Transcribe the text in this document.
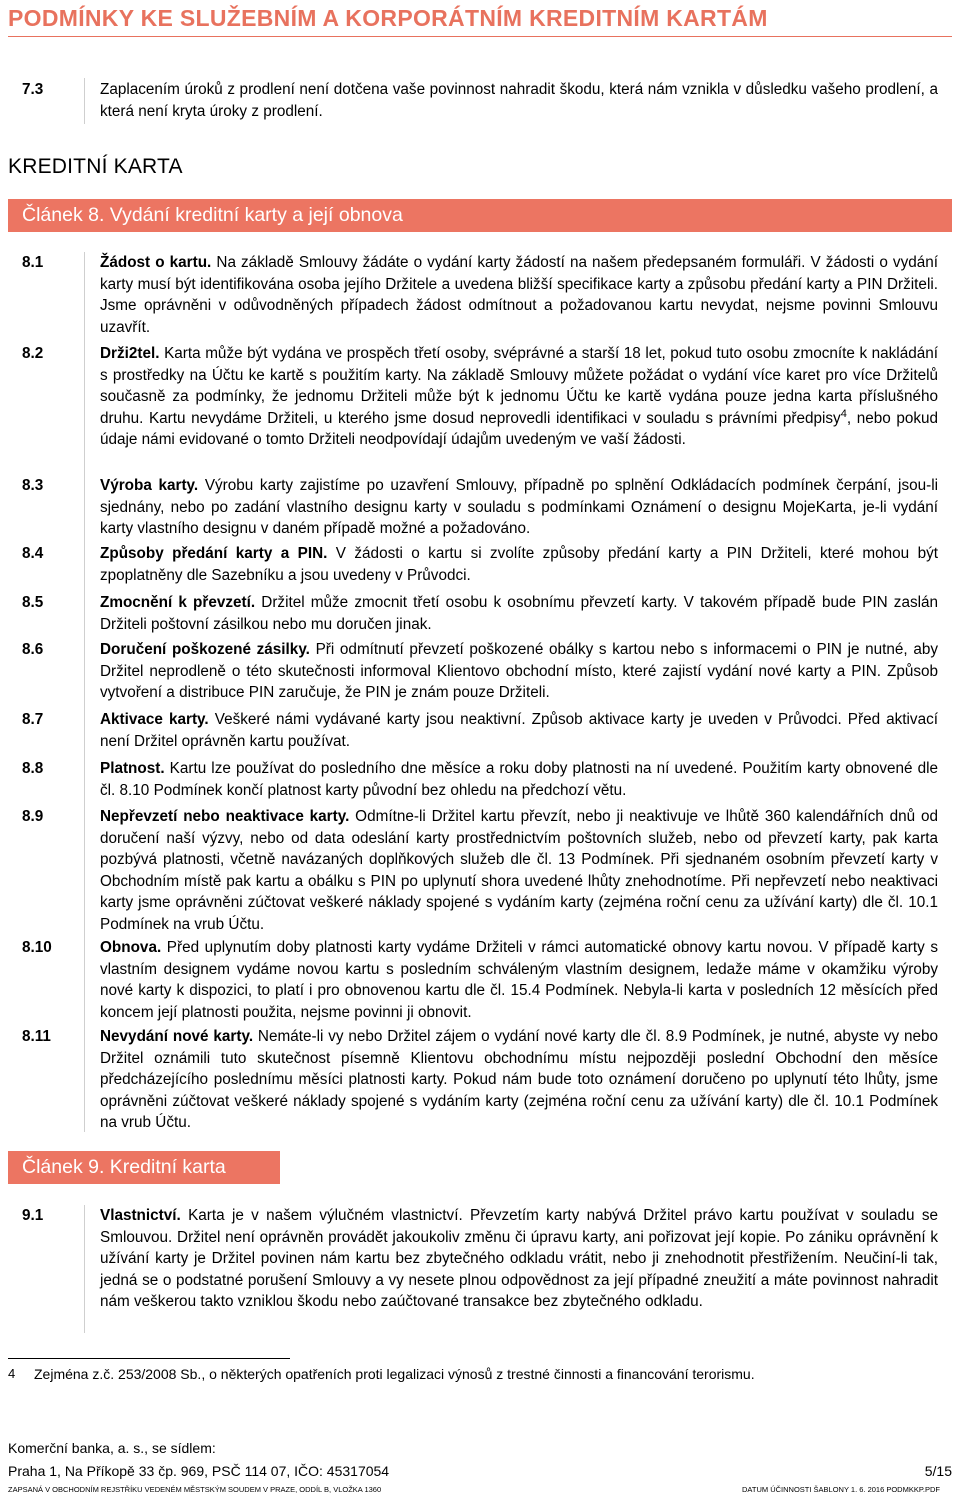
PODMÍNKY KE SLUŽEBNÍM A KORPORÁTNÍM KREDITNÍM KARTÁM
7.3	Zaplacením úroků z prodlení není dotčena vaše povinnost nahradit škodu, která nám vznikla v důsledku vašeho prodlení, a která není kryta úroky z prodlení.
KREDITNÍ KARTA
Článek 8. Vydání kreditní karty a její obnova
8.1	Žádost o kartu. Na základě Smlouvy žádáte o vydání karty žádostí na našem předepsaném formuláři. V žádosti o vydání karty musí být identifikována osoba jejího Držitele a uvedena bližší specifikace karty a způsobu předání karty a PIN Držiteli. Jsme oprávněni v odůvodněných případech žádost odmítnout a požadovanou kartu nevydat, nejsme povinni Smlouvu uzavřít.
8.2	Drži2tel. Karta může být vydána ve prospěch třetí osoby, svéprávné a starší 18 let, pokud tuto osobu zmocníte k nakládání s prostředky na Účtu ke kartě s použitím karty. Na základě Smlouvy můžete požádat o vydání více karet pro více Držitelů současně za podmínky, že jednomu Držiteli může být k jednomu Účtu ke kartě vydána pouze jedna karta příslušného druhu. Kartu nevydáme Držiteli, u kterého jsme dosud neprovedli identifikaci v souladu s právními předpisy$^4$, nebo pokud údaje námi evidované o tomto Držiteli neodpovídají údajům uvedeným ve vaší žádosti.
8.3	Výroba karty. Výrobu karty zajistíme po uzavření Smlouvy, případně po splnění Odkládacích podmínek čerpání, jsou-li sjednány, nebo po zadání vlastního designu karty v souladu s podmínkami Oznámení o designu MojeKarta, je-li vydání karty vlastního designu v daném případě možné a požadováno.
8.4	Způsoby předání karty a PIN. V žádosti o kartu si zvolíte způsoby předání karty a PIN Držiteli, které mohou být zpoplatněny dle Sazebníku a jsou uvedeny v Průvodci.
8.5	Zmocnění k převzetí. Držitel může zmocnit třetí osobu k osobnímu převzetí karty. V takovém případě bude PIN zaslán Držiteli poštovní zásilkou nebo mu doručen jinak.
8.6	Doručení poškozené zásilky. Při odmítnutí převzetí poškozené obálky s kartou nebo s informacemi o PIN je nutné, aby Držitel neprodleně o této skutečnosti informoval Klientovo obchodní místo, které zajistí vydání nové karty a PIN. Způsob vytvoření a distribuce PIN zaručuje, že PIN je znám pouze Držiteli.
8.7	Aktivace karty. Veškeré námi vydávané karty jsou neaktivní. Způsob aktivace karty je uveden v Průvodci. Před aktivací není Držitel oprávněn kartu používat.
8.8	Platnost. Kartu lze používat do posledního dne měsíce a roku doby platnosti na ní uvedené. Použitím karty obnovené dle čl. 8.10 Podmínek končí platnost karty původní bez ohledu na předchozí větu.
8.9	Nepřevzetí nebo neaktivace karty. Odmítne-li Držitel kartu převzít, nebo ji neaktivuje ve lhůtě 360 kalendářních dnů od doručení naší výzvy, nebo od data odeslání karty prostřednictvím poštovních služeb, nebo od převzetí karty, pak karta pozbývá platnosti, včetně navázaných doplňkových služeb dle čl. 13 Podmínek. Při sjednaném osobním převzetí karty v Obchodním místě pak kartu a obálku s PIN po uplynutí shora uvedené lhůty znehodnotíme. Při nepřevzetí nebo neaktivaci karty jsme oprávněni zúčtovat veškeré náklady spojené s vydáním karty (zejména roční cenu za užívání karty) dle čl. 10.1 Podmínek na vrub Účtu.
8.10	Obnova. Před uplynutím doby platnosti karty vydáme Držiteli v rámci automatické obnovy kartu novou. V případě karty s vlastním designem vydáme novou kartu s posledním schváleným vlastním designem, ledaže máme v okamžiku výroby nové karty k dispozici, to platí i pro obnovenou kartu dle čl. 15.4 Podmínek. Nebyla-li karta v posledních 12 měsících před koncem její platnosti použita, nejsme povinni ji obnovit.
8.11	Nevydání nové karty. Nemáte-li vy nebo Držitel zájem o vydání nové karty dle čl. 8.9 Podmínek, je nutné, abyste vy nebo Držitel oznámili tuto skutečnost písemně Klientovu obchodnímu místu nejpozději poslední Obchodní den měsíce předcházejícího poslednímu měsíci platnosti karty. Pokud nám bude toto oznámení doručeno po uplynutí této lhůty, jsme oprávněni zúčtovat veškeré náklady spojené s vydáním karty (zejména roční cenu za užívání karty) dle čl. 10.1 Podmínek na vrub Účtu.
Článek 9. Kreditní karta
9.1	Vlastnictví. Karta je v našem výlučném vlastnictví. Převzetím karty nabývá Držitel právo kartu používat v souladu se Smlouvou. Držitel není oprávněn provádět jakoukoliv změnu či úpravu karty, ani pořizovat její kopie. Po zániku oprávnění k užívání karty je Držitel povinen nám kartu bez zbytečného odkladu vrátit, nebo ji znehodnotit přestřižením. Neučiní-li tak, jedná se o podstatné porušení Smlouvy a vy nesete plnou odpovědnost za její případné zneužití a máte povinnost nahradit nám veškerou takto vzniklou škodu nebo zaúčtované transakce bez zbytečného odkladu.
4	Zejména z.č. 253/2008 Sb., o některých opatřeních proti legalizaci výnosů z trestné činnosti a financování terorismu.
Komerční banka, a. s., se sídlem:
Praha 1, Na Příkopě 33 čp. 969, PSČ 114 07, IČO: 45317054	5/15
ZAPSANÁ V OBCHODNÍM REJSTŘÍKU VEDENÉM MĚSTSKÝM SOUDEM V PRAZE, ODDÍL B, VLOŽKA 1360	DATUM ÚČINNOSTI ŠABLONY 1. 6. 2016 PODMKKP.PDF
